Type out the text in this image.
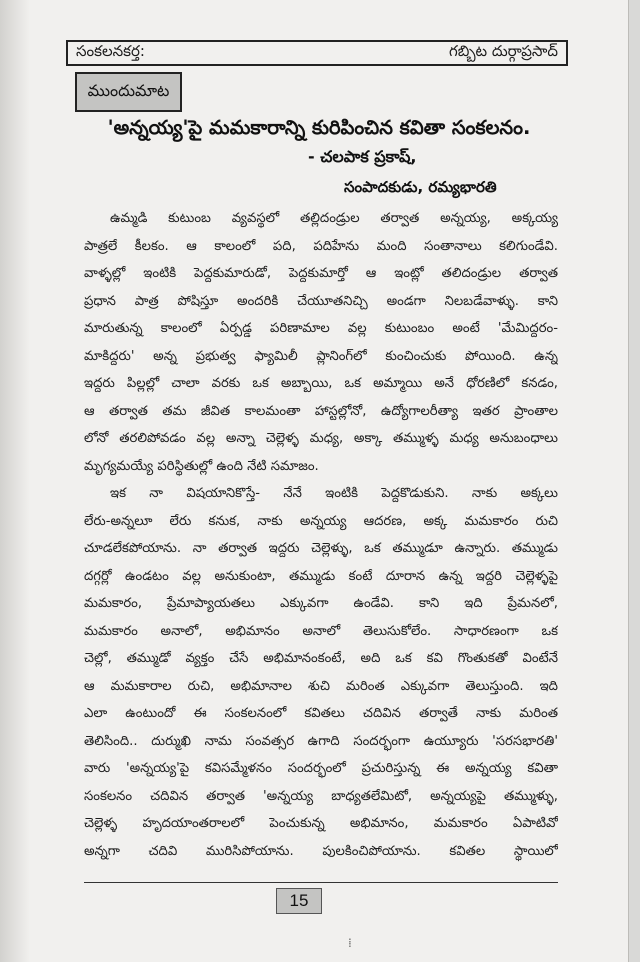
సంకలనకర్త:	గబ్బిట దుర్గాప్రసాద్
ముందుమాట
'అన్నయ్య'పై మమకారాన్ని కురిపించిన కవితా సంకలనం.
- చలపాక ప్రకాష్,
సంపాదకుడు, రమ్యభారతి
ఉమ్మడి కుటుంబ వ్యవస్థలో తల్లిదండ్రుల తర్వాత అన్నయ్య, అక్కయ్య
పాత్రలే కీలకం. ఆ కాలంలో పది, పదిహేను మంది సంతానాలు కలిగుండేవి.
వాళ్ళల్లో ఇంటికి పెద్దకుమారుడో, పెద్దకుమార్తో ఆ ఇంట్లో తలిదండ్రుల తర్వాత
ప్రధాన పాత్ర పోషిస్తూ అందరికి చేయూతనిచ్చి అండగా నిలబడేవాళ్ళు. కాని
మారుతున్న కాలంలో ఏర్పడ్డ పరిణామాల వల్ల కుటుంబం అంటే 'మేమిద్దరం-
మాకిద్దరు' అన్న ప్రభుత్వ ఫ్యామిలీ ప్లానింగ్‌లో కుంచించుకు పోయింది. ఉన్న
ఇద్దరు పిల్లల్లో చాలా వరకు ఒక అబ్బాయి, ఒక అమ్మాయి అనే ధోరణిలో కనడం,
ఆ తర్వాత తమ జీవిత కాలమంతా హాస్టల్లోనో, ఉద్యోగాలరీత్యా ఇతర ప్రాంతాల
లోనో తరలిపోవడం వల్ల అన్నా చెల్లెళ్ళ మధ్య, అక్కా తమ్ముళ్ళ మధ్య అనుబంధాలు
మృగ్యమయ్యే పరిస్థితుల్లో ఉంది నేటి సమాజం.
ఇక నా విషయానికొస్తే- నేనే ఇంటికి పెద్దకొడుకుని. నాకు అక్కలు
లేరు-అన్నలూ లేరు కనుక, నాకు అన్నయ్య ఆదరణ, అక్క మమకారం రుచి
చూడలేకపోయాను. నా తర్వాత ఇద్దరు చెల్లెళ్ళు, ఒక తమ్ముడూ ఉన్నారు. తమ్ముడు
దగ్గర్లో ఉండటం వల్ల అనుకుంటా, తమ్ముడు కంటే దూరాన ఉన్న ఇద్దరి చెల్లెళ్ళపై
మమకారం, ప్రేమాప్యాయతలు ఎక్కువగా ఉండేవి. కాని ఇది ప్రేమనలో,
మమకారం అనాలో, అభిమానం అనాలో తెలుసుకోలేం. సాధారణంగా ఒక
చెల్లో, తమ్ముడో వ్యక్తం చేసే అభిమానంకంటే, అది ఒక కవి గొంతుకతో వింటేనే
ఆ మమకారాల రుచి, అభిమానాల శుచి మరింత ఎక్కువగా తెలుస్తుంది. ఇది
ఎలా ఉంటుందో ఈ సంకలనంలో కవితలు చదివిన తర్వాతే నాకు మరింత
తెలిసింది.. దుర్ముఖి నామ సంవత్సర ఉగాది సందర్భంగా ఉయ్యూరు 'సరసభారతి'
వారు 'అన్నయ్య'పై కవిసమ్మేళనం సందర్భంలో ప్రచురిస్తున్న ఈ అన్నయ్య కవితా
సంకలనం చదివిన తర్వాత 'అన్నయ్య బాధ్యతలేమిటో, అన్నయ్యపై తమ్ముళ్ళు,
చెల్లెళ్ళ హృదయాంతరాలలో పెంచుకున్న అభిమానం, మమకారం ఏపాటివో
అన్నగా చదివి మురిసిపోయాను. పులకించిపోయాను. కవితల స్థాయిలో
15
⁞
